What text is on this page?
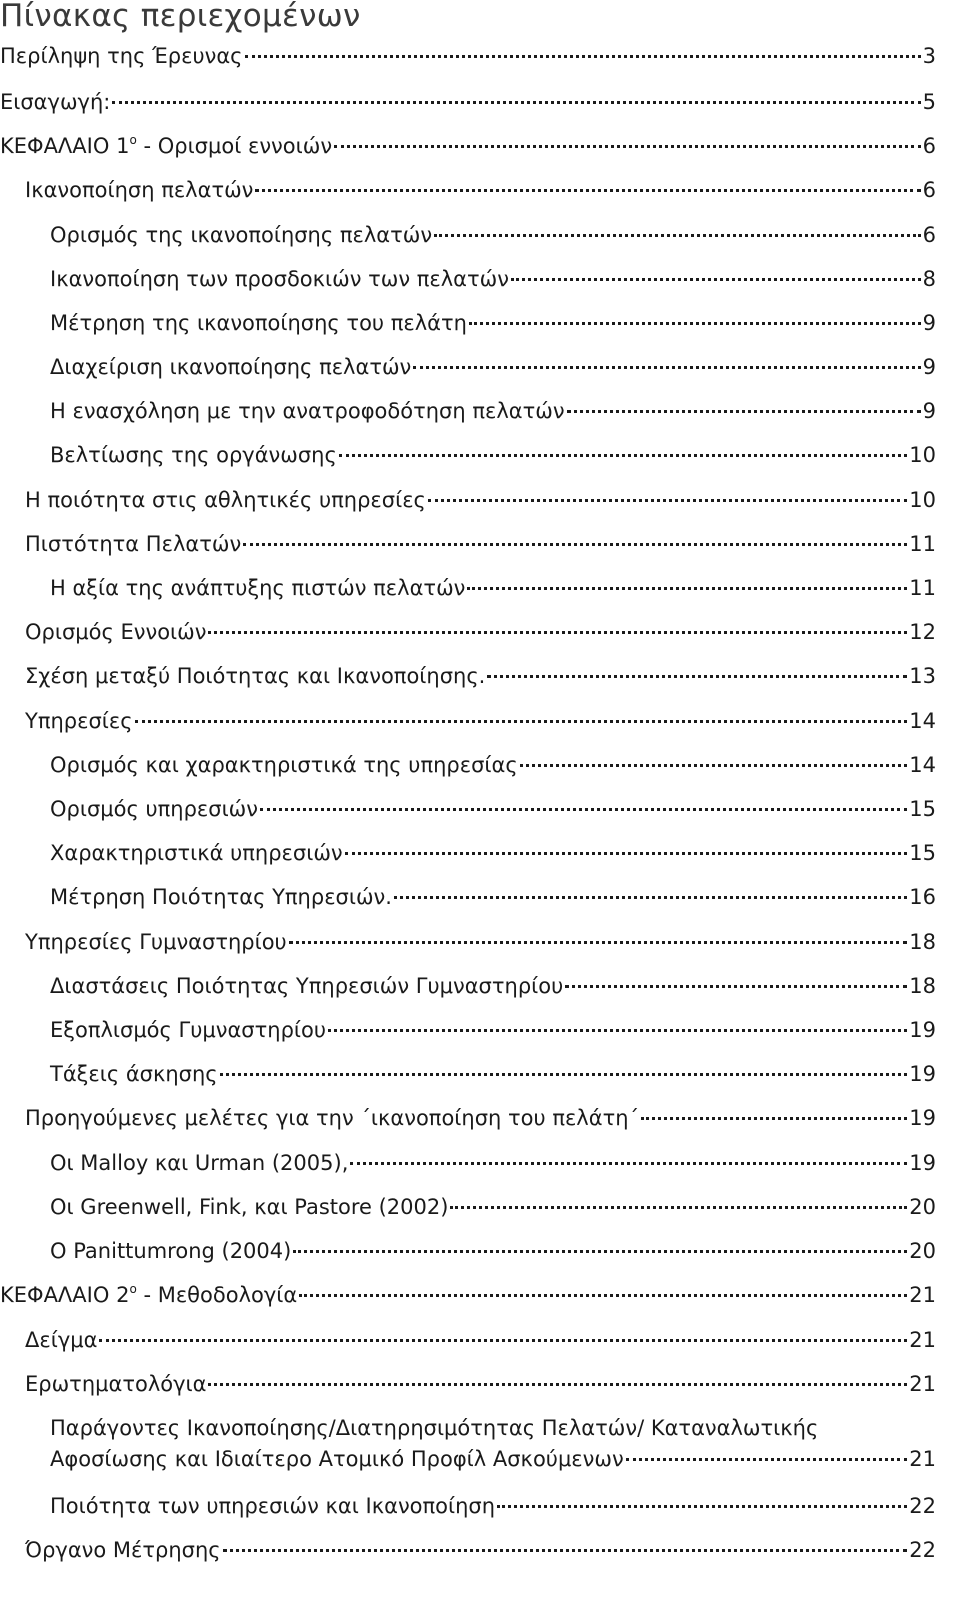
Πίνακας περιεχομένων
Περίληψη της Έρευνας	3
Εισαγωγή:	5
ΚΕΦΑΛΑΙΟ $1^o$ - Ορισμοί εννοιών	6
Ικανοποίηση πελατών	6
Ορισμός της ικανοποίησης πελατών	6
Ικανοποίηση των προσδοκιών των πελατών	8
Μέτρηση της ικανοποίησης του πελάτη	9
Διαχείριση ικανοποίησης πελατών	9
Η ενασχόληση με την ανατροφοδότηση πελατών	9
Βελτίωσης της οργάνωσης	10
Η ποιότητα στις αθλητικές υπηρεσίες	10
Πιστότητα Πελατών	11
Η αξία της ανάπτυξης πιστών πελατών	11
Ορισμός Εννοιών	12
Σχέση μεταξύ Ποιότητας και Ικανοποίησης.	13
Υπηρεσίες	14
Ορισμός και χαρακτηριστικά της υπηρεσίας	14
Ορισμός υπηρεσιών	15
Χαρακτηριστικά υπηρεσιών	15
Μέτρηση Ποιότητας Υπηρεσιών.	16
Υπηρεσίες Γυμναστηρίου	18
Διαστάσεις Ποιότητας Υπηρεσιών Γυμναστηρίου	18
Εξοπλισμός Γυμναστηρίου	19
Τάξεις άσκησης	19
Προηγούμενες μελέτες για την ΄ικανοποίηση του πελάτη΄	19
Οι Malloy και Urman (2005),	19
Οι Greenwell, Fink, και Pastore (2002)	20
Ο Panittumrong (2004)	20
ΚΕΦΑΛΑΙΟ $2^o$ - Μεθοδολογία	21
Δείγμα	21
Ερωτηματολόγια	21
Παράγοντες Ικανοποίησης/Διατηρησιμότητας Πελατών/ Καταναλωτικής
Αφοσίωσης και Ιδιαίτερο Ατομικό Προφίλ Ασκούμενων	21
Ποιότητα των υπηρεσιών και Ικανοποίηση	22
Όργανο Μέτρησης	22
